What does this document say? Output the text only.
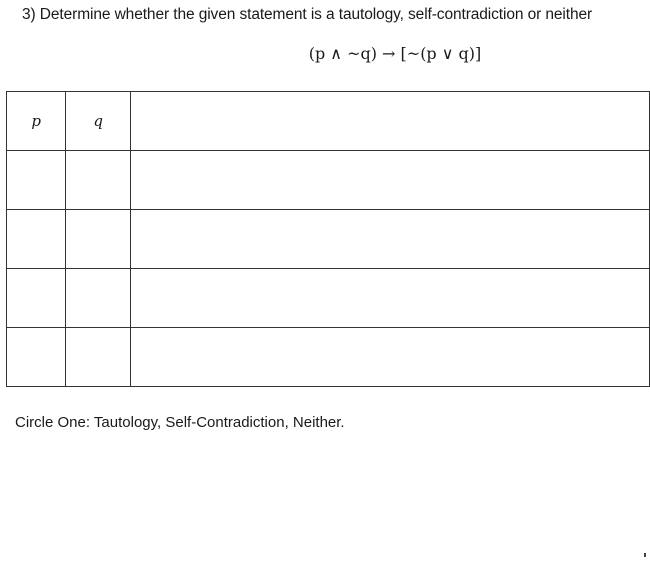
3) Determine whether the given statement is a tautology, self-contradiction or neither
(p ∧ ~q) → [~(p ∨ q)]
p	q	

Circle One: Tautology, Self-Contradiction, Neither.
